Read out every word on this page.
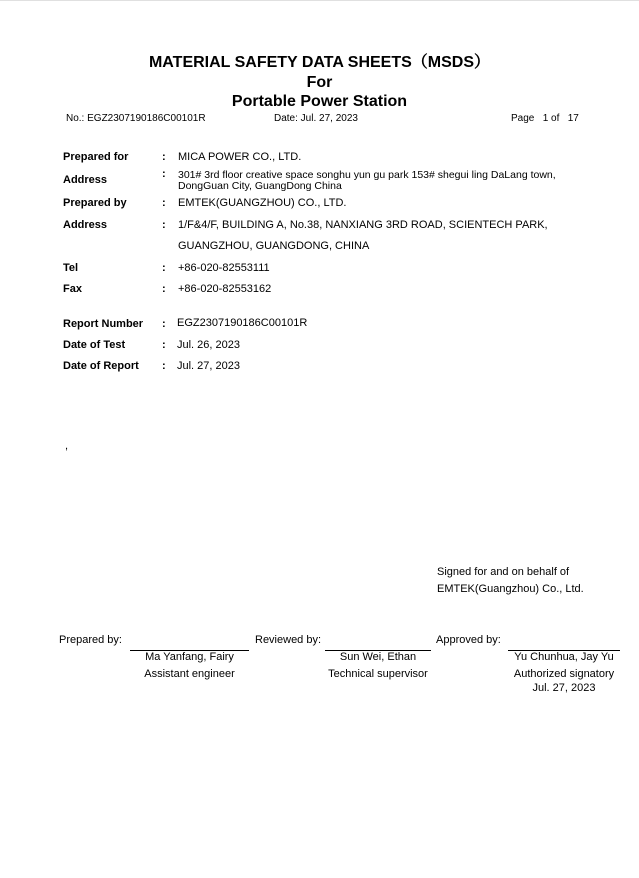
MATERIAL SAFETY DATA SHEETS（MSDS）
For
Portable Power Station
No.: EGZ2307190186C00101R	Date: Jul. 27, 2023	Page 1 of 17
Prepared for	: MICA POWER CO., LTD.
Address	: 301# 3rd floor creative space songhu yun gu park 153# shegui ling DaLang town,
DongGuan City, GuangDong China
Prepared by	: EMTEK(GUANGZHOU) CO., LTD.
Address	: 1/F&4/F, BUILDING A, No.38, NANXIANG 3RD ROAD, SCIENTECH PARK,
GUANGZHOU, GUANGDONG, CHINA
Tel	: +86-020-82553111
Fax	: +86-020-82553162
Report Number : EGZ2307190186C00101R
Date of Test	: Jul. 26, 2023
Date of Report : Jul. 27, 2023
,
Signed for and on behalf of
EMTEK(Guangzhou) Co., Ltd.
Prepared by:
Ma Yanfang, Fairy
Assistant engineer
Reviewed by:
Sun Wei, Ethan
Technical supervisor
Approved by:
Yu Chunhua, Jay Yu
Authorized signatory
Jul. 27, 2023
